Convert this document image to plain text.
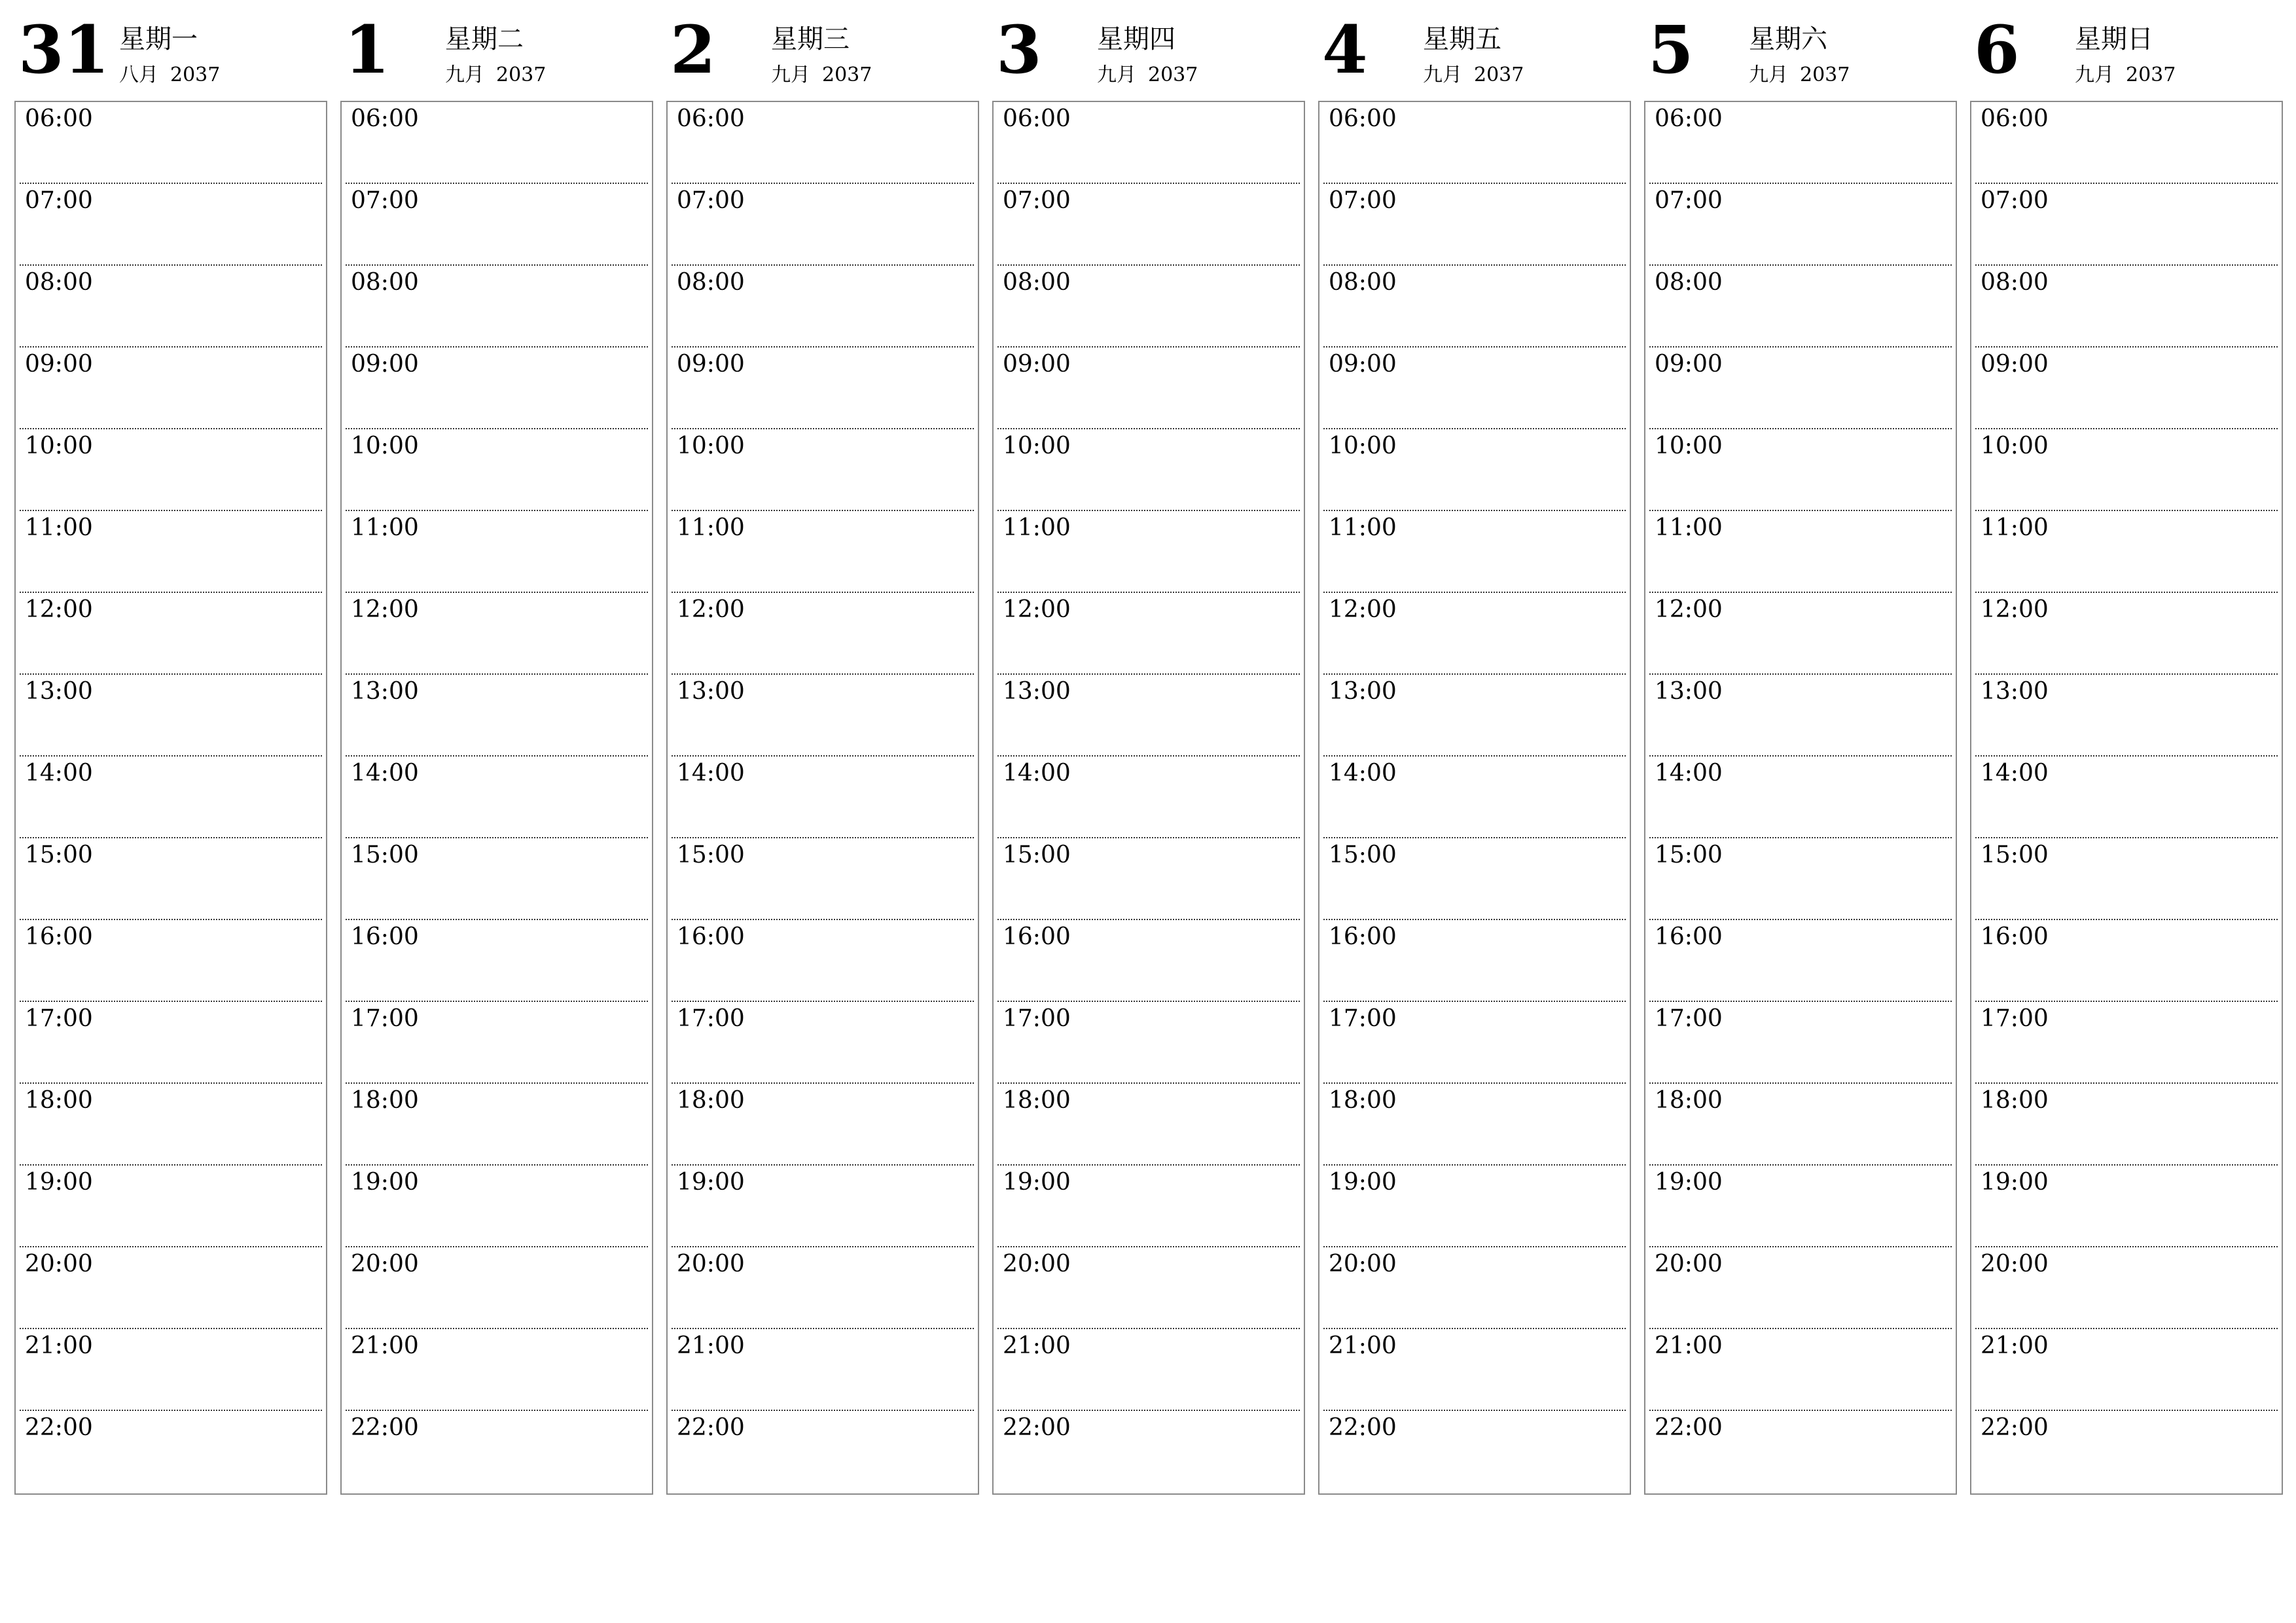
31 星期一
八月 2037
06:00
07:00
08:00
09:00
10:00
11:00
12:00
13:00
14:00
15:00
16:00
17:00
18:00
19:00
20:00
21:00
22:00
1 星期二
九月 2037
06:00
07:00
08:00
09:00
10:00
11:00
12:00
13:00
14:00
15:00
16:00
17:00
18:00
19:00
20:00
21:00
22:00
2 星期三
九月 2037
06:00
07:00
08:00
09:00
10:00
11:00
12:00
13:00
14:00
15:00
16:00
17:00
18:00
19:00
20:00
21:00
22:00
3 星期四
九月 2037
06:00
07:00
08:00
09:00
10:00
11:00
12:00
13:00
14:00
15:00
16:00
17:00
18:00
19:00
20:00
21:00
22:00
4 星期五
九月 2037
06:00
07:00
08:00
09:00
10:00
11:00
12:00
13:00
14:00
15:00
16:00
17:00
18:00
19:00
20:00
21:00
22:00
5 星期六
九月 2037
06:00
07:00
08:00
09:00
10:00
11:00
12:00
13:00
14:00
15:00
16:00
17:00
18:00
19:00
20:00
21:00
22:00
6 星期日
九月 2037
06:00
07:00
08:00
09:00
10:00
11:00
12:00
13:00
14:00
15:00
16:00
17:00
18:00
19:00
20:00
21:00
22:00
